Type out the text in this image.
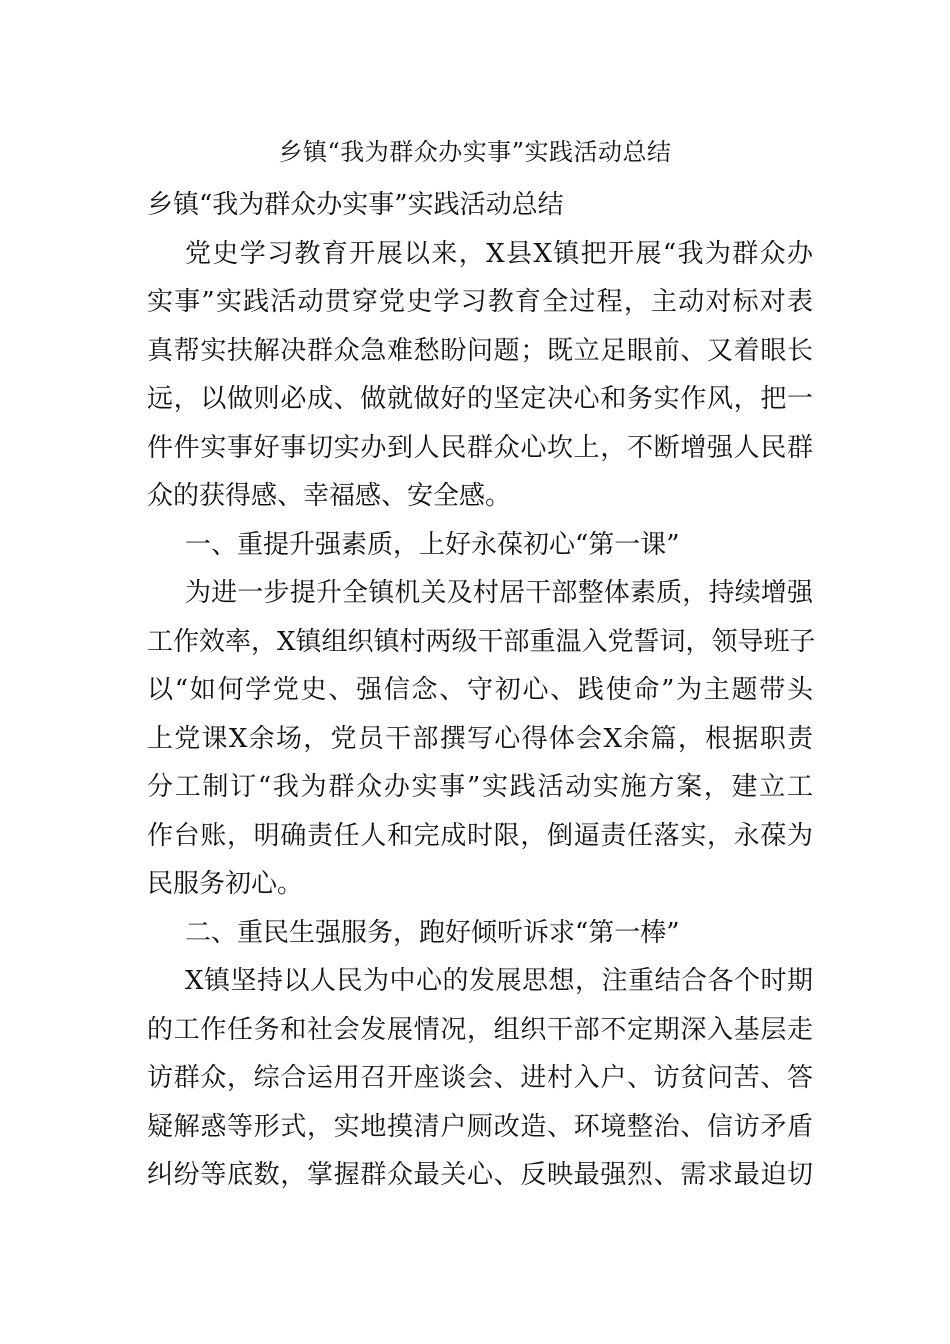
乡镇“我为群众办实事”实践活动总结
乡镇“我为群众办实事”实践活动总结
党史学习教育开展以来，X县X镇把开展“我为群众办
实事”实践活动贯穿党史学习教育全过程，主动对标对表
真帮实扶解决群众急难愁盼问题；既立足眼前、又着眼长
远，以做则必成、做就做好的坚定决心和务实作风，把一
件件实事好事切实办到人民群众心坎上，不断增强人民群
众的获得感、幸福感、安全感。
一、重提升强素质，上好永葆初心“第一课”
为进一步提升全镇机关及村居干部整体素质，持续增强
工作效率，X镇组织镇村两级干部重温入党誓词，领导班子
以“如何学党史、强信念、守初心、践使命”为主题带头
上党课X余场，党员干部撰写心得体会X余篇，根据职责
分工制订“我为群众办实事”实践活动实施方案，建立工
作台账，明确责任人和完成时限，倒逼责任落实，永葆为
民服务初心。
二、重民生强服务，跑好倾听诉求“第一棒”
X镇坚持以人民为中心的发展思想，注重结合各个时期
的工作任务和社会发展情况，组织干部不定期深入基层走
访群众，综合运用召开座谈会、进村入户、访贫问苦、答
疑解惑等形式，实地摸清户厕改造、环境整治、信访矛盾
纠纷等底数，掌握群众最关心、反映最强烈、需求最迫切
